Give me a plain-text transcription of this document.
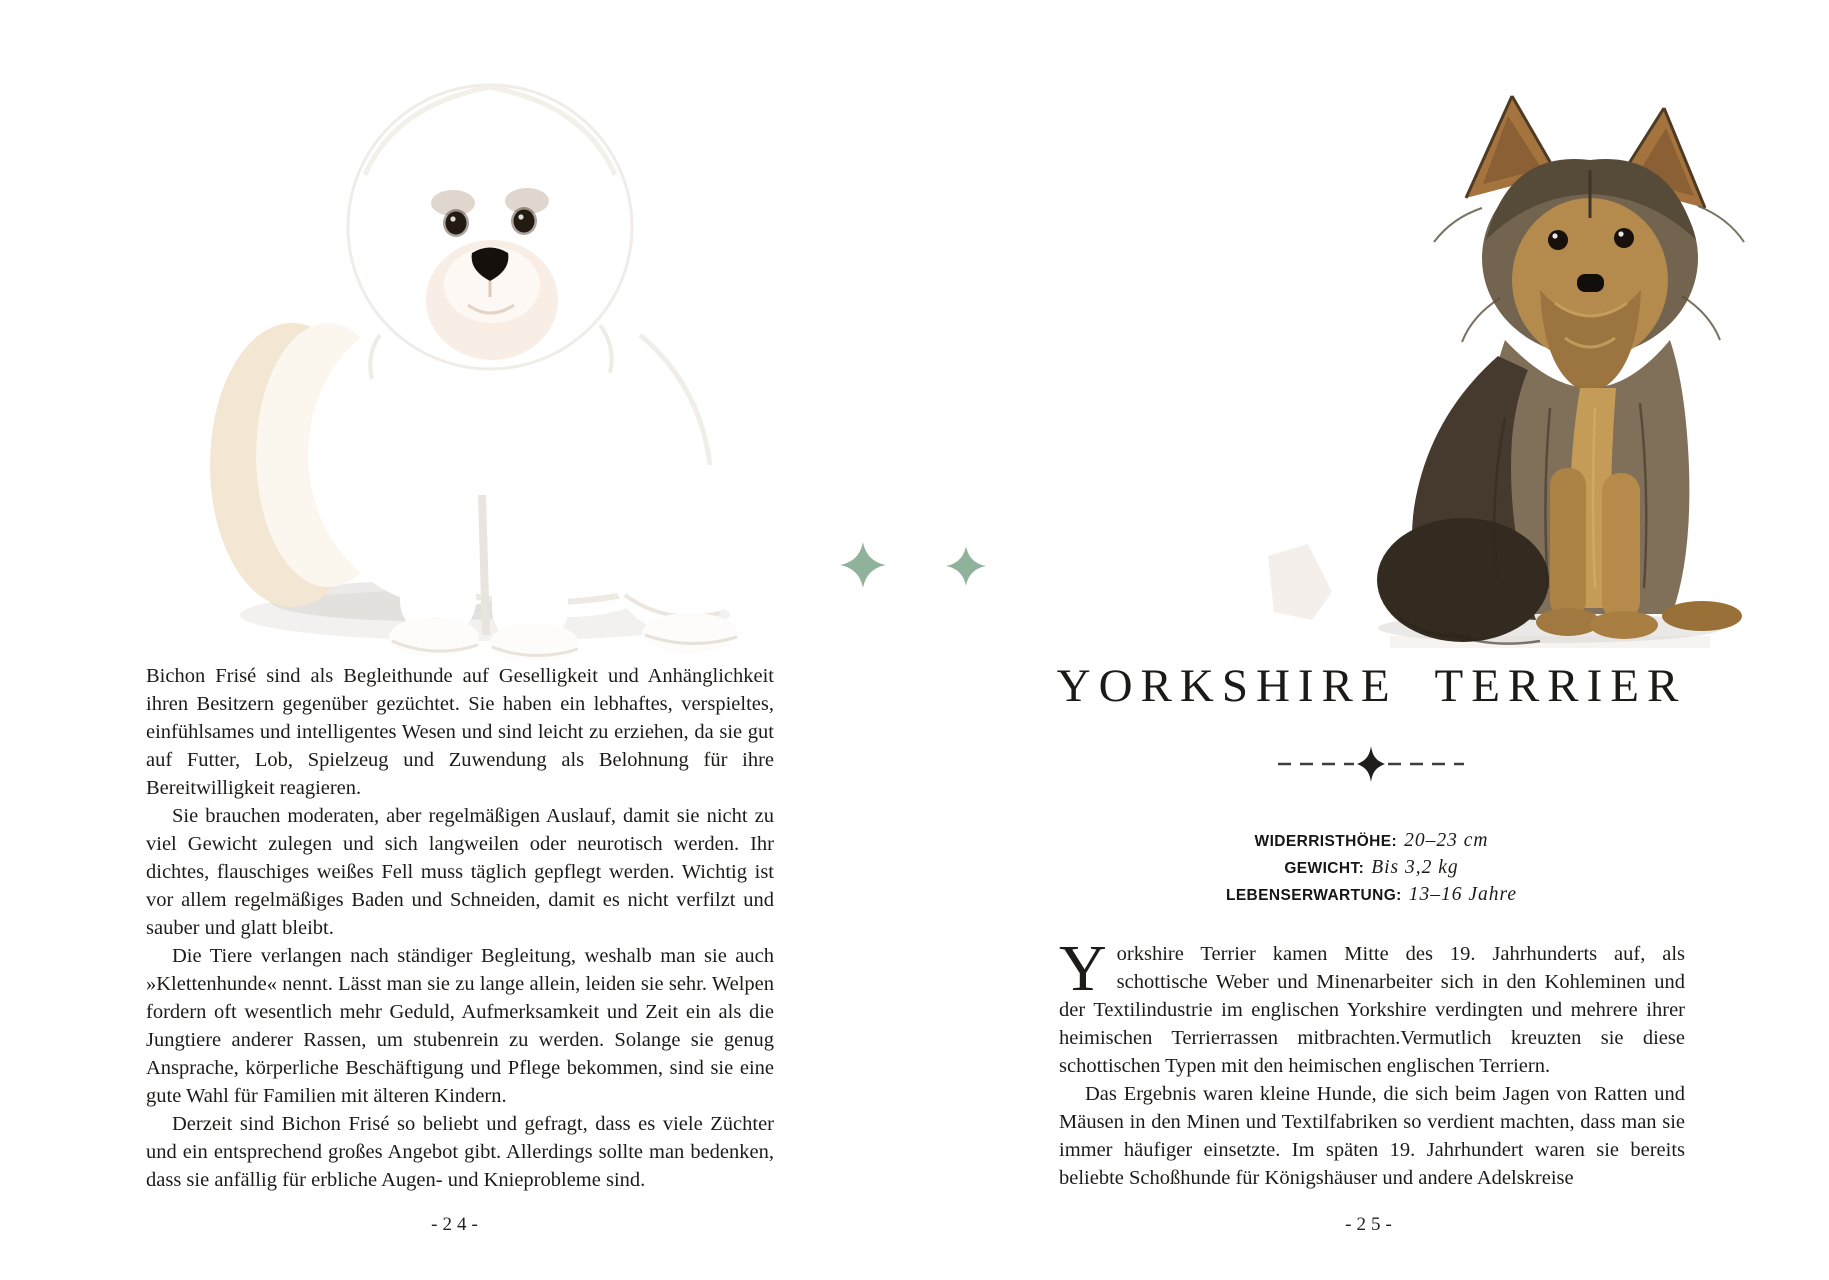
Bichon Frisé sind als Begleithunde auf Geselligkeit und Anhänglichkeit ihren Besitzern gegenüber gezüchtet. Sie haben ein lebhaftes, verspieltes, einfühlsames und intelligentes Wesen und sind leicht zu erziehen, da sie gut auf Futter, Lob, Spielzeug und Zuwendung als Belohnung für ihre Bereitwilligkeit reagieren.

Sie brauchen moderaten, aber regelmäßigen Auslauf, damit sie nicht zu viel Gewicht zulegen und sich langweilen oder neurotisch werden. Ihr dichtes, flauschiges weißes Fell muss täglich gepflegt werden. Wichtig ist vor allem regelmäßiges Baden und Schneiden, damit es nicht verfilzt und sauber und glatt bleibt.

Die Tiere verlangen nach ständiger Begleitung, weshalb man sie auch »Klettenhunde« nennt. Lässt man sie zu lange allein, leiden sie sehr. Welpen fordern oft wesentlich mehr Geduld, Aufmerksamkeit und Zeit ein als die Jungtiere anderer Rassen, um stubenrein zu werden. Solange sie genug Ansprache, körperliche Beschäftigung und Pflege bekommen, sind sie eine gute Wahl für Familien mit älteren Kindern.

Derzeit sind Bichon Frisé so beliebt und gefragt, dass es viele Züchter und ein entsprechend großes Angebot gibt. Allerdings sollte man bedenken, dass sie anfällig für erbliche Augen- und Knieprobleme sind.

-24-
YORKSHIRE TERRIER
WIDERRISTHÖHE: 20–23 cm
GEWICHT: Bis 3,2 kg
LEBENSERWARTUNG: 13–16 Jahre

Yorkshire Terrier kamen Mitte des 19. Jahrhunderts auf, als schottische Weber und Minenarbeiter sich in den Kohleminen und der Textilindustrie im englischen Yorkshire verdingten und mehrere ihrer heimischen Terrierrassen mitbrachten.Vermutlich kreuzten sie diese schottischen Typen mit den heimischen englischen Terriern.

Das Ergebnis waren kleine Hunde, die sich beim Jagen von Ratten und Mäusen in den Minen und Textilfabriken so verdient machten, dass man sie immer häufiger einsetzte. Im späten 19. Jahrhundert waren sie bereits beliebte Schoßhunde für Königshäuser und andere Adelskreise

-25-
